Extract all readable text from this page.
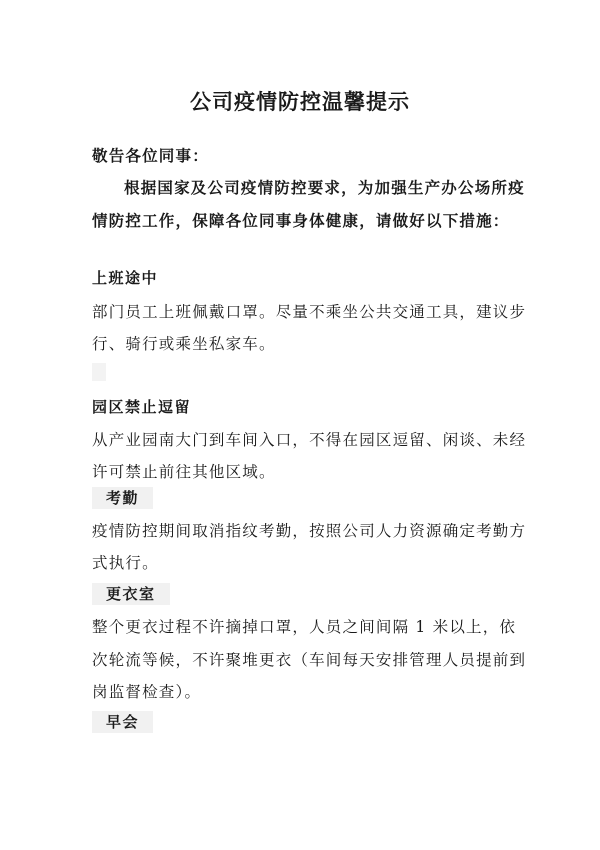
公司疫情防控温馨提示
敬告各位同事：
根据国家及公司疫情防控要求，为加强生产办公场所疫
情防控工作，保障各位同事身体健康，请做好以下措施：
上班途中
部门员工上班佩戴口罩。尽量不乘坐公共交通工具，建议步
行、骑行或乘坐私家车。
园区禁止逗留
从产业园南大门到车间入口，不得在园区逗留、闲谈、未经
许可禁止前往其他区域。
考勤
疫情防控期间取消指纹考勤，按照公司人力资源确定考勤方
式执行。
更衣室
整个更衣过程不许摘掉口罩，人员之间间隔 1 米以上，依
次轮流等候，不许聚堆更衣（车间每天安排管理人员提前到
岗监督检查）。
早会
